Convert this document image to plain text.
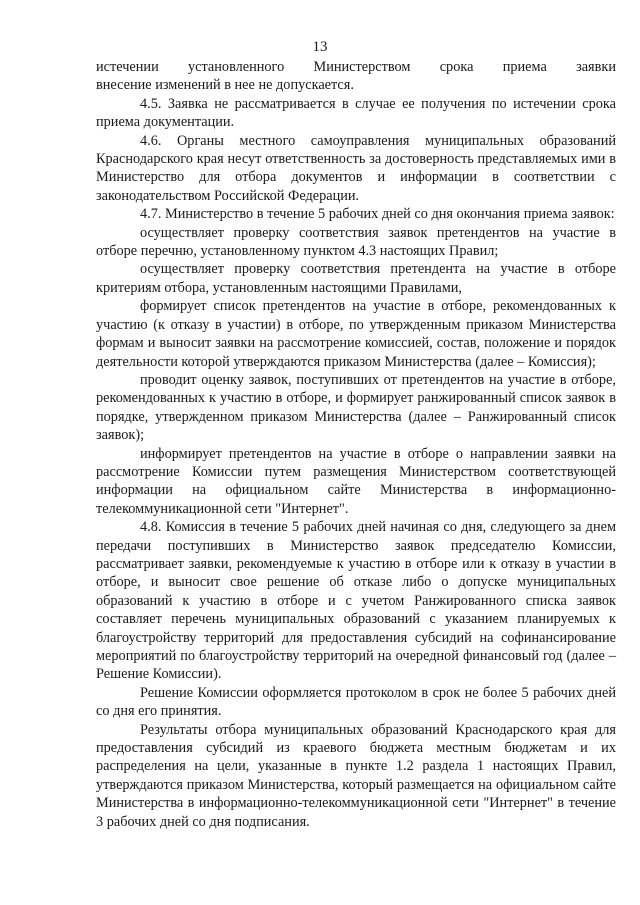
13

истечении установленного Министерством срока приема заявки
внесение изменений в нее не допускается.

4.5. Заявка не рассматривается в случае ее получения по истечении срока приема документации.

4.6. Органы местного самоуправления муниципальных образований Краснодарского края несут ответственность за достоверность представляемых ими в Министерство для отбора документов и информации в соответствии с законодательством Российской Федерации.

4.7. Министерство в течение 5 рабочих дней со дня окончания приема заявок:

осуществляет проверку соответствия заявок претендентов на участие в отборе перечню, установленному пунктом 4.3 настоящих Правил;

осуществляет проверку соответствия претендента на участие в отборе критериям отбора, установленным настоящими Правилами,

формирует список претендентов на участие в отборе, рекомендованных к участию (к отказу в участии) в отборе, по утвержденным приказом Министерства формам и выносит заявки на рассмотрение комиссией, состав, положение и порядок деятельности которой утверждаются приказом Министерства (далее – Комиссия);

проводит оценку заявок, поступивших от претендентов на участие в отборе, рекомендованных к участию в отборе, и формирует ранжированный список заявок в порядке, утвержденном приказом Министерства (далее – Ранжированный список заявок);

информирует претендентов на участие в отборе о направлении заявки на рассмотрение Комиссии путем размещения Министерством соответствующей информации на официальном сайте Министерства в информационно-телекоммуникационной сети "Интернет".

4.8. Комиссия в течение 5 рабочих дней начиная со дня, следующего за днем передачи поступивших в Министерство заявок председателю Комиссии, рассматривает заявки, рекомендуемые к участию в отборе или к отказу в участии в отборе, и выносит свое решение об отказе либо о допуске муниципальных образований к участию в отборе и с учетом Ранжированного списка заявок составляет перечень муниципальных образований с указанием планируемых к благоустройству территорий для предоставления субсидий на софинансирование мероприятий по благоустройству территорий на очередной финансовый год (далее – Решение Комиссии).

Решение Комиссии оформляется протоколом в срок не более 5 рабочих дней со дня его принятия.

Результаты отбора муниципальных образований Краснодарского края для предоставления субсидий из краевого бюджета местным бюджетам и их распределения на цели, указанные в пункте 1.2 раздела 1 настоящих Правил, утверждаются приказом Министерства, который размещается на официальном сайте Министерства в информационно-телекоммуникационной сети "Интернет" в течение 3 рабочих дней со дня подписания.
